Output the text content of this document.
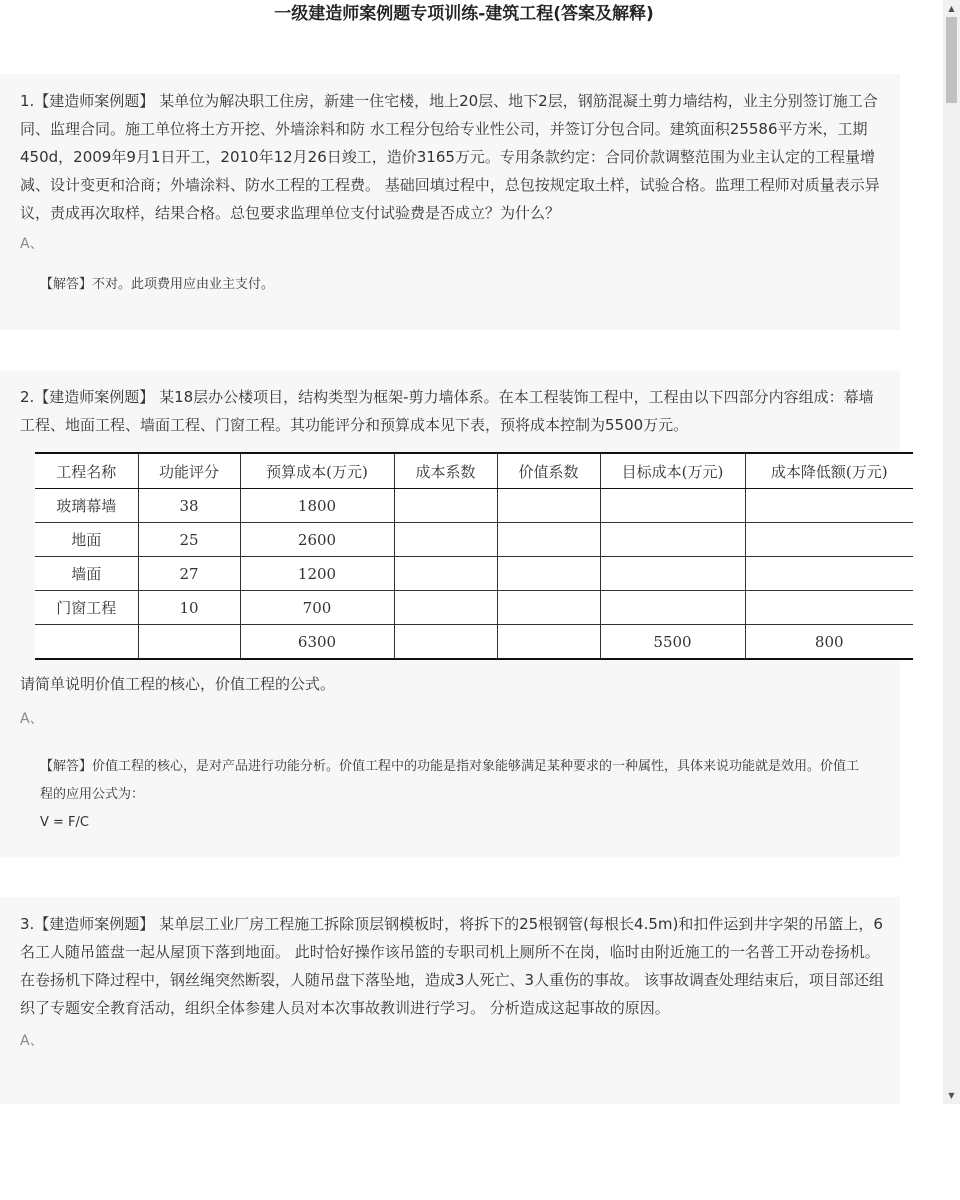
一级建造师案例题专项训练-建筑工程(答案及解释)
1.【建造师案例题】 某单位为解决职工住房，新建一住宅楼，地上20层、地下2层，钢筋混凝土剪力墙结构，业主分别签订施工合同、监理合同。施工单位将土方开挖、外墙涂料和防 水工程分包给专业性公司，并签订分包合同。建筑面积25586平方米，工期450d，2009年9月1日开工，2010年12月26日竣工，造价3165万元。专用条款约定：合同价款调整范围为业主认定的工程量增减、设计变更和洽商；外墙涂料、防水工程的工程费。 基础回填过程中，总包按规定取土样，试验合格。监理工程师对质量表示异议，责成再次取样，结果合格。总包要求监理单位支付试验费是否成立？为什么？
A、
【解答】不对。此项费用应由业主支付。
2.【建造师案例题】 某18层办公楼项目，结构类型为框架-剪力墙体系。在本工程装饰工程中，工程由以下四部分内容组成：幕墙工程、地面工程、墙面工程、门窗工程。其功能评分和预算成本见下表，预将成本控制为5500万元。
请简单说明价值工程的核心，价值工程的公式。
A、
【解答】价值工程的核心，是对产品进行功能分析。价值工程中的功能是指对象能够满足某种要求的一种属性，具体来说功能就是效用。价值工程的应用公式为：
V = F/C
工程名称	功能评分	预算成本(万元)	成本系数	价值系数	目标成本(万元)	成本降低额(万元)
玻璃幕墙	38	1800				
地面	25	2600				
墙面	27	1200				
门窗工程	10	700				
		6300			5500	800
3.【建造师案例题】 某单层工业厂房工程施工拆除顶层钢模板时，将拆下的25根钢管(每根长4.5m)和扣件运到井字架的吊篮上，6名工人随吊篮盘一起从屋顶下落到地面。 此时恰好操作该吊篮的专职司机上厕所不在岗，临时由附近施工的一名普工开动卷扬机。在卷扬机下降过程中，钢丝绳突然断裂，人随吊盘下落坠地，造成3人死亡、3人重伤的事故。 该事故调查处理结束后，项目部还组织了专题安全教育活动，组织全体参建人员对本次事故教训进行学习。 分析造成这起事故的原因。
A、
▲
▼
